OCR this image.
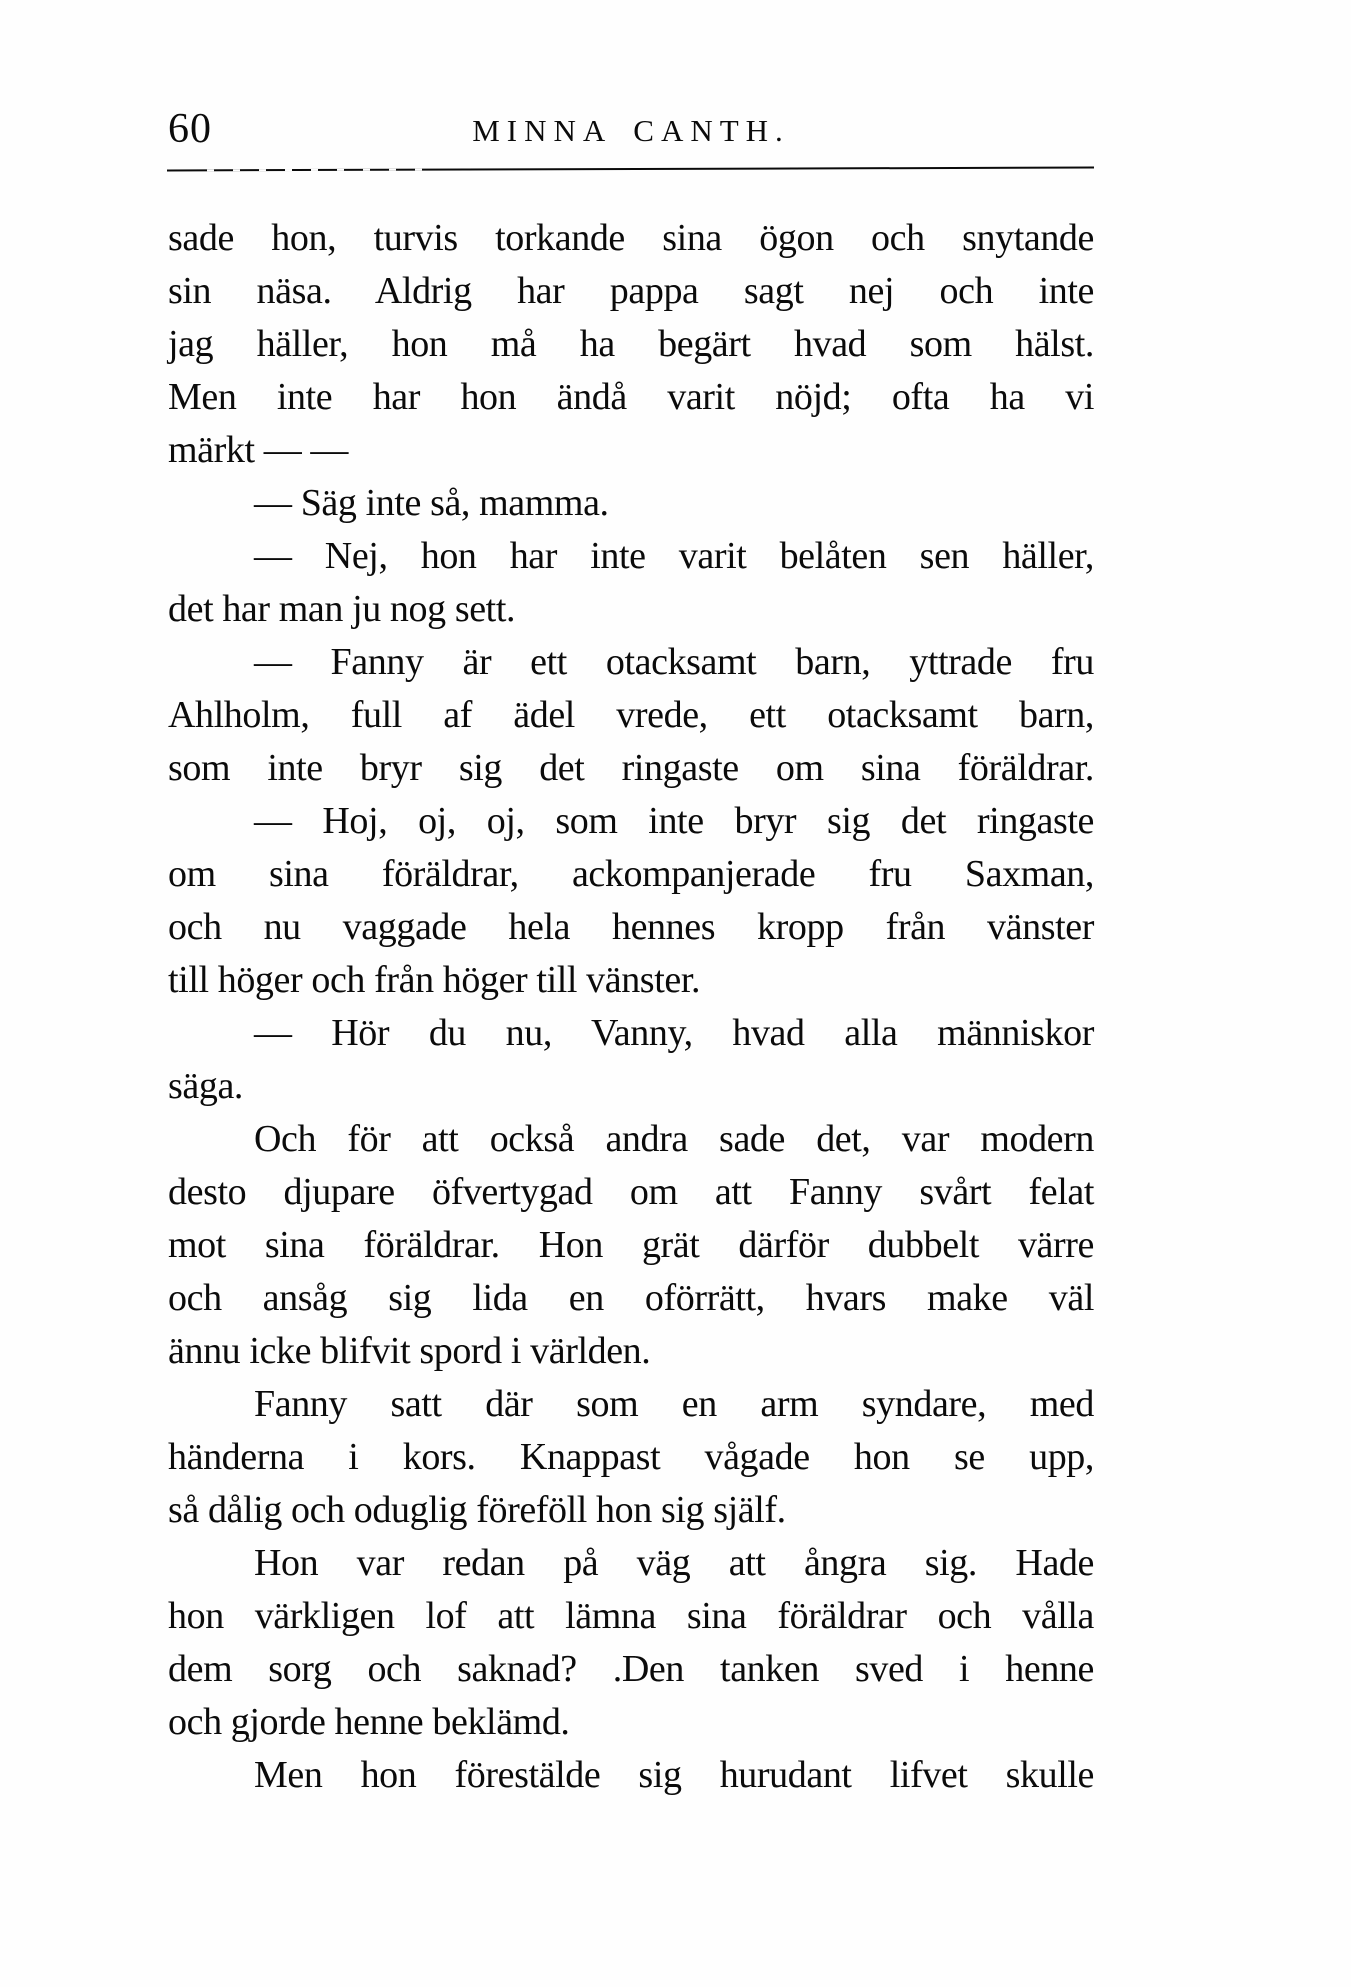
60	MINNA CANTH.
sade hon, turvis torkande sina ögon och snytande
sin näsa. Aldrig har pappa sagt nej och inte
jag häller, hon må ha begärt hvad som hälst.
Men inte har hon ändå varit nöjd; ofta ha vi
märkt — —
— Säg inte så, mamma.
— Nej, hon har inte varit belåten sen häller,
det har man ju nog sett.
— Fanny är ett otacksamt barn, yttrade fru
Ahlholm, full af ädel vrede, ett otacksamt barn,
som inte bryr sig det ringaste om sina föräldrar.
— Hoj, oj, oj, som inte bryr sig det ringaste
om sina föräldrar, ackompanjerade fru Saxman,
och nu vaggade hela hennes kropp från vänster
till höger och från höger till vänster.
— Hör du nu, Vanny, hvad alla människor
säga.
Och för att också andra sade det, var modern
desto djupare öfvertygad om att Fanny svårt felat
mot sina föräldrar. Hon grät därför dubbelt värre
och ansåg sig lida en oförrätt, hvars make väl
ännu icke blifvit spord i världen.
Fanny satt där som en arm syndare, med
händerna i kors. Knappast vågade hon se upp,
så dålig och oduglig föreföll hon sig själf.
Hon var redan på väg att ångra sig. Hade
hon värkligen lof att lämna sina föräldrar och vålla
dem sorg och saknad? .Den tanken sved i henne
och gjorde henne beklämd.
Men hon förestälde sig hurudant lifvet skulle
